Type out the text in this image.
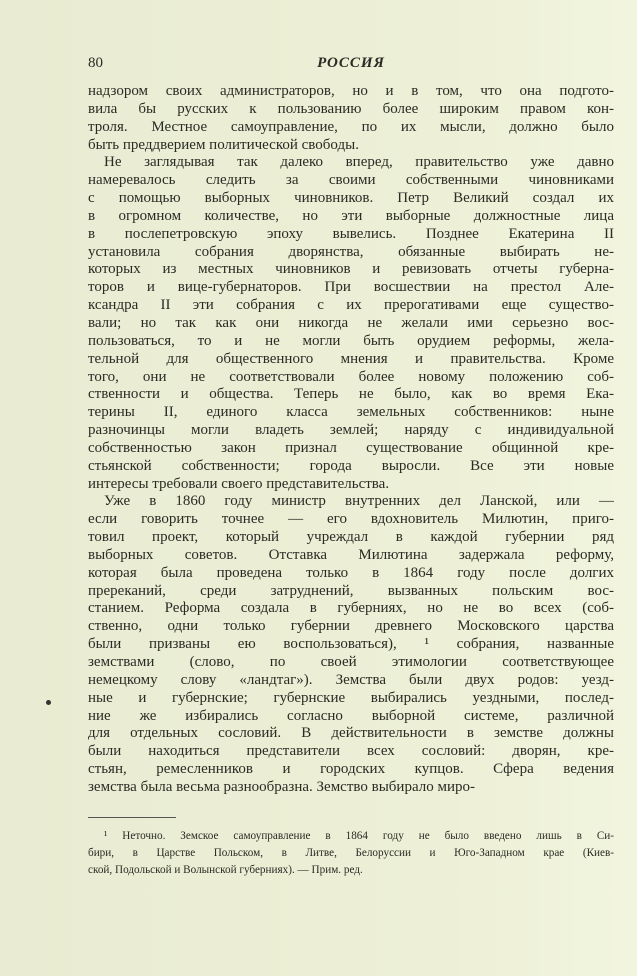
80	РОССИЯ
надзором своих администраторов, но и в том, что она подгото-
вила бы русских к пользованию более широким правом кон-
троля. Местное самоуправление, по их мысли, должно было
быть преддверием политической свободы.
Не заглядывая так далеко вперед, правительство уже давно
намеревалось следить за своими собственными чиновниками
с помощью выборных чиновников. Петр Великий создал их
в огромном количестве, но эти выборные должностные лица
в послепетровскую эпоху вывелись. Позднее Екатерина II
установила собрания дворянства, обязанные выбирать не-
которых из местных чиновников и ревизовать отчеты губерна-
торов и вице-губернаторов. При восшествии на престол Але-
ксандра II эти собрания с их прерогативами еще существо-
вали; но так как они никогда не желали ими серьезно вос-
пользоваться, то и не могли быть орудием реформы, жела-
тельной для общественного мнения и правительства. Кроме
того, они не соответствовали более новому положению соб-
ственности и общества. Теперь не было, как во время Ека-
терины II, единого класса земельных собственников: ныне
разночинцы могли владеть землей; наряду с индивидуальной
собственностью закон признал существование общинной кре-
стьянской собственности; города выросли. Все эти новые
интересы требовали своего представительства.
Уже в 1860 году министр внутренних дел Ланской, или —
если говорить точнее — его вдохновитель Милютин, приго-
товил проект, который учреждал в каждой губернии ряд
выборных советов. Отставка Милютина задержала реформу,
которая была проведена только в 1864 году после долгих
пререканий, среди затруднений, вызванных польским вос-
станием. Реформа создала в губерниях, но не во всех (соб-
ственно, одни только губернии древнего Московского царства
были призваны ею воспользоваться), ¹ собрания, названные
земствами (слово, по своей этимологии соответствующее
немецкому слову «ландтаг»). Земства были двух родов: уезд-
ные и губернские; губернские выбирались уездными, послед-
ние же избирались согласно выборной системе, различной
для отдельных сословий. В действительности в земстве должны
были находиться представители всех сословий: дворян, кре-
стьян, ремесленников и городских купцов. Сфера ведения
земства была весьма разнообразна. Земство выбирало миро-
¹ Неточно. Земское самоуправление в 1864 году не было введено лишь в Си-
бири, в Царстве Польском, в Литве, Белоруссии и Юго-Западном крае (Киев-
ской, Подольской и Волынской губерниях). — Прим. ред.
